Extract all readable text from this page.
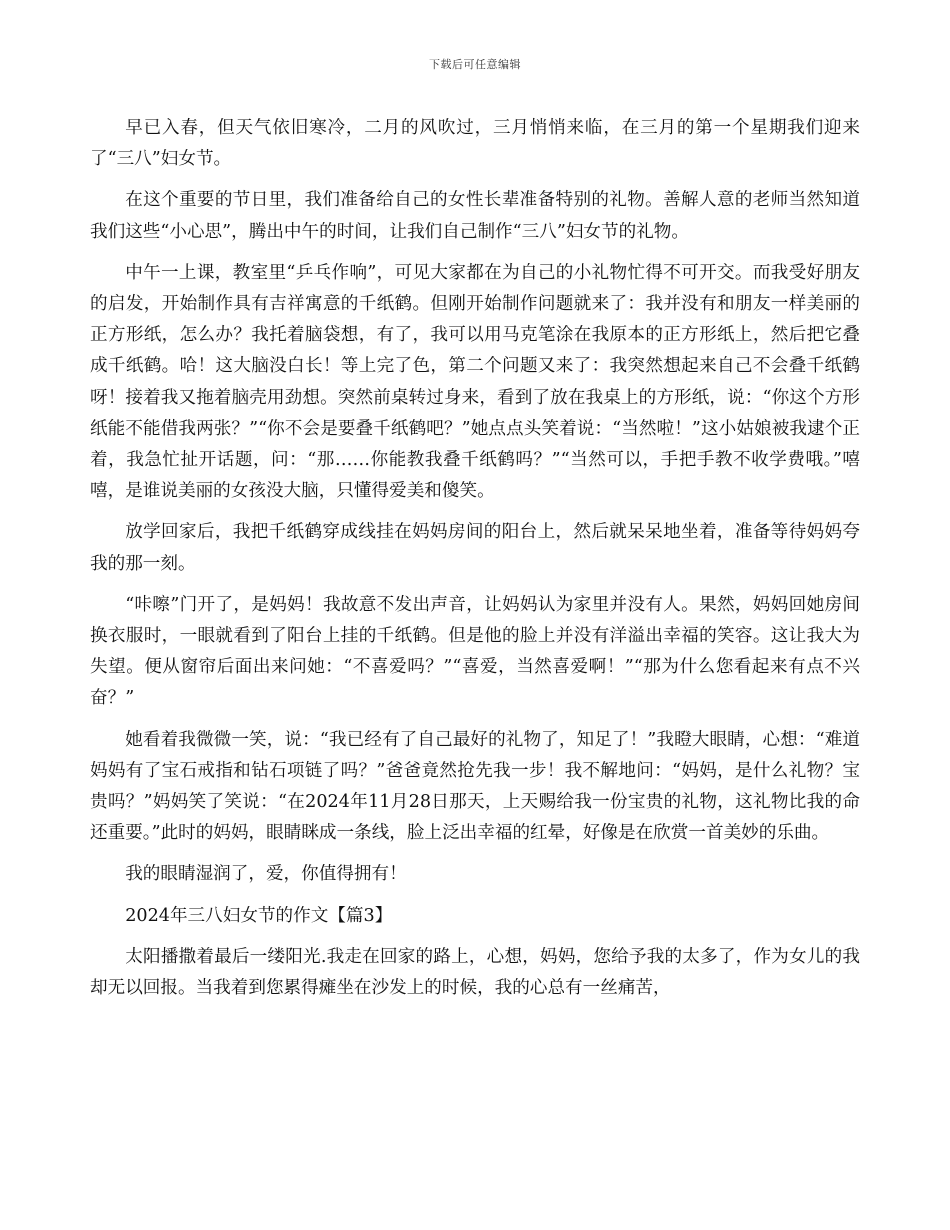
下载后可任意编辑

早已入春，但天气依旧寒冷，二月的风吹过，三月悄悄来临，在三月的第一个星期我们迎来了“三八”妇女节。

在这个重要的节日里，我们准备给自己的女性长辈准备特别的礼物。善解人意的老师当然知道我们这些“小心思”，腾出中午的时间，让我们自己制作“三八”妇女节的礼物。

中午一上课，教室里“乒乓作响”，可见大家都在为自己的小礼物忙得不可开交。而我受好朋友的启发，开始制作具有吉祥寓意的千纸鹤。但刚开始制作问题就来了：我并没有和朋友一样美丽的正方形纸，怎么办？我托着脑袋想，有了，我可以用马克笔涂在我原本的正方形纸上，然后把它叠成千纸鹤。哈！这大脑没白长！等上完了色，第二个问题又来了：我突然想起来自己不会叠千纸鹤呀！接着我又拖着脑壳用劲想。突然前桌转过身来，看到了放在我桌上的方形纸，说：“你这个方形纸能不能借我两张？”“你不会是要叠千纸鹤吧？”她点点头笑着说：“当然啦！”这小姑娘被我逮个正着，我急忙扯开话题，问：“那……你能教我叠千纸鹤吗？”“当然可以，手把手教不收学费哦。”嘻嘻，是谁说美丽的女孩没大脑，只懂得爱美和傻笑。

放学回家后，我把千纸鹤穿成线挂在妈妈房间的阳台上，然后就呆呆地坐着，准备等待妈妈夸我的那一刻。

“咔嚓”门开了，是妈妈！我故意不发出声音，让妈妈认为家里并没有人。果然，妈妈回她房间换衣服时，一眼就看到了阳台上挂的千纸鹤。但是他的脸上并没有洋溢出幸福的笑容。这让我大为失望。便从窗帘后面出来问她：“不喜爱吗？”“喜爱，当然喜爱啊！”“那为什么您看起来有点不兴奋？”

她看着我微微一笑，说：“我已经有了自己最好的礼物了，知足了！”我瞪大眼睛，心想：“难道妈妈有了宝石戒指和钻石项链了吗？”爸爸竟然抢先我一步！我不解地问：“妈妈，是什么礼物？宝贵吗？”妈妈笑了笑说：“在2024年11月28日那天，上天赐给我一份宝贵的礼物，这礼物比我的命还重要。”此时的妈妈，眼睛眯成一条线，脸上泛出幸福的红晕，好像是在欣赏一首美妙的乐曲。

我的眼睛湿润了，爱，你值得拥有！

2024年三八妇女节的作文【篇3】

太阳播撒着最后一缕阳光.我走在回家的路上，心想，妈妈，您给予我的太多了，作为女儿的我却无以回报。当我着到您累得瘫坐在沙发上的时候，我的心总有一丝痛苦，
